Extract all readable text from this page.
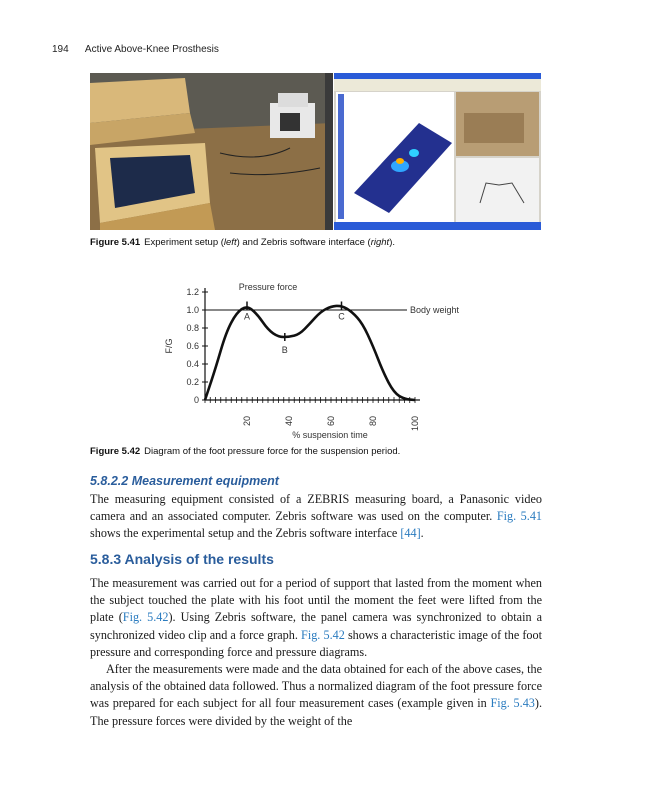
194 Active Above-Knee Prosthesis
Figure 5.41 Experiment setup (left) and Zebris software interface (right).
0
0.2
0.4
0.6
0.8
1.0
1.2
20	40	60	80	100
Body weight
A
B
C
Pressure force
% suspension time
F/G
Figure 5.42 Diagram of the foot pressure force for the suspension period.
5.8.2.2 Measurement equipment
The measuring equipment consisted of a ZEBRIS measuring board, a Panasonic video camera and an associated computer. Zebris software was used on the computer. Fig. 5.41 shows the experimental setup and the Zebris software interface [44].
5.8.3 Analysis of the results
The measurement was carried out for a period of support that lasted from the moment when the subject touched the plate with his foot until the moment the feet were lifted from the plate (Fig. 5.42). Using Zebris software, the panel camera was synchronized to obtain a synchronized video clip and a force graph. Fig. 5.42 shows a characteristic image of the foot pressure and corresponding force and pressure diagrams.
After the measurements were made and the data obtained for each of the above cases, the analysis of the obtained data followed. Thus a normalized diagram of the foot pressure force was prepared for each subject for all four measurement cases (example given in Fig. 5.43). The pressure forces were divided by the weight of the
